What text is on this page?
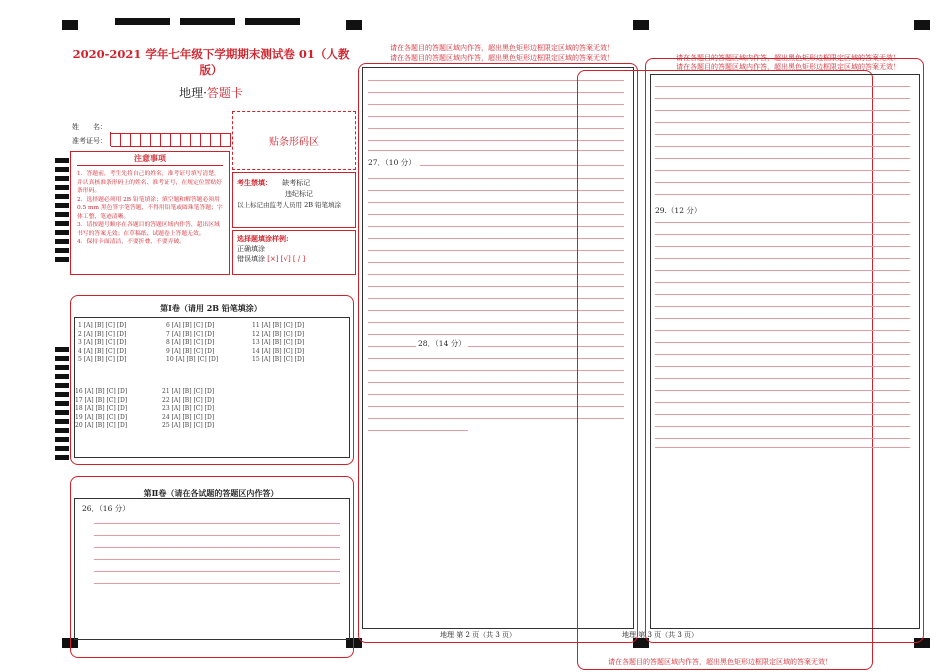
2020-2021 学年七年级下学期期末测试卷 01（人教
版）
地理·答题卡
姓　　名：
准考证号：	贴条形码区
注意事项
1．答题前，考生先将自己的姓名，准考证号填写清楚，并认真核准条形码上的姓名、准考证号，在规定位置贴好条形码。
2．选择题必须用 2B 铅笔填涂；填空题和解答题必须用 0.5 mm 黑色签字笔答题，不得用铅笔或圆珠笔答题；字体工整、笔迹清晰。
3．请按题号顺序在各题目的答题区域内作答，超出区域书写的答案无效；在草稿纸、试题卷上答题无效。
4．保持卡面清洁，不要折叠、不要弄破。
考生禁填： 缺考标记
违纪标记
以上标记由监考人员用 2B 铅笔填涂
选择题填涂样例:
正确填涂
错误填涂 [×] [√] [ / ]
第Ⅰ卷（请用 2B 铅笔填涂）
1 [A] [B] [C] [D]
2 [A] [B] [C] [D]
3 [A] [B] [C] [D]
4 [A] [B] [C] [D]
5 [A] [B] [C] [D]
6 [A] [B] [C] [D]
7 [A] [B] [C] [D]
8 [A] [B] [C] [D]
9 [A] [B] [C] [D]
10 [A] [B] [C] [D]
11 [A] [B] [C] [D]
12 [A] [B] [C] [D]
13 [A] [B] [C] [D]
14 [A] [B] [C] [D]
15 [A] [B] [C] [D]
16 [A] [B] [C] [D]
17 [A] [B] [C] [D]
18 [A] [B] [C] [D]
19 [A] [B] [C] [D]
20 [A] [B] [C] [D]
21 [A] [B] [C] [D]
22 [A] [B] [C] [D]
23 [A] [B] [C] [D]
24 [A] [B] [C] [D]
25 [A] [B] [C] [D]
第Ⅱ卷（请在各试题的答题区内作答）
26．（16 分）
请在各题目的答题区域内作答，超出黑色矩形边框限定区域的答案无效！
请在各题目的答题区域内作答，超出黑色矩形边框限定区域的答案无效！
27．（10 分）
28．（14 分）
地理 第 2 页（共 3 页）
请在各题目的答题区域内作答，超出黑色矩形边框限定区域的答案无效！
请在各题目的答题区域内作答，超出黑色矩形边框限定区域的答案无效！
29.（12 分）
地理 第 3 页（共 3 页）
请在各题目的答题区域内作答，超出黑色矩形边框限定区域的答案无效！
